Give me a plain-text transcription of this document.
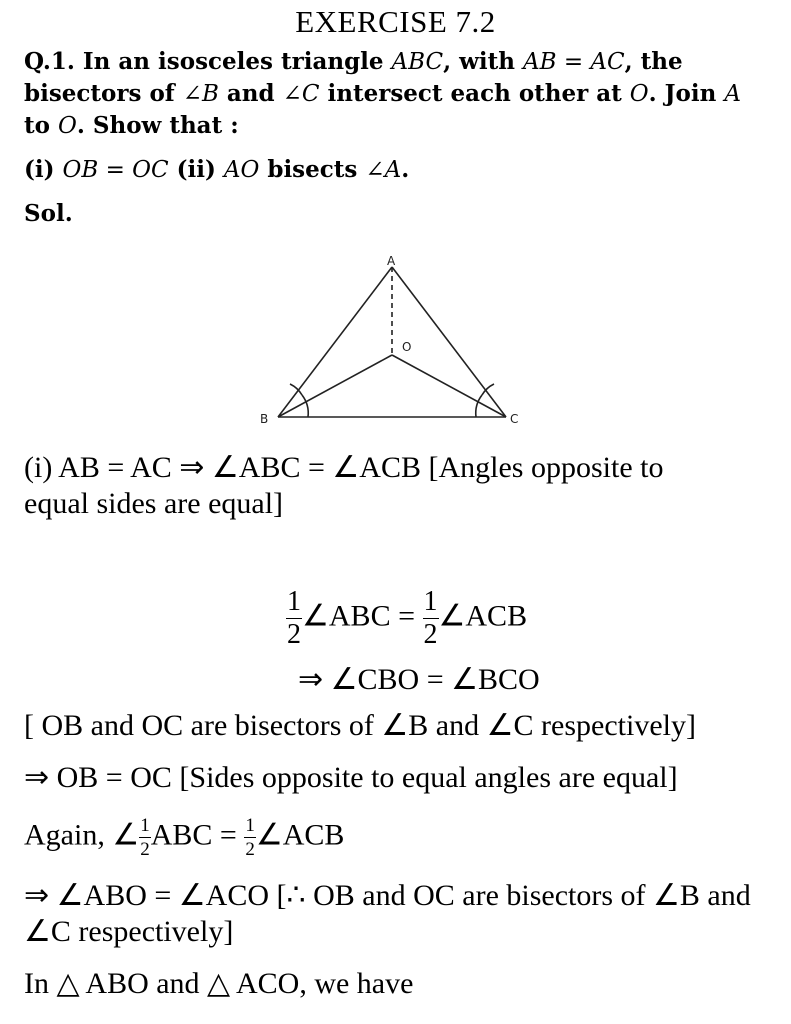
EXERCISE 7.2
Q.1. In an isosceles triangle ABC, with AB = AC, the
bisectors of ∠B and ∠C intersect each other at O. Join A
to O. Show that :
(i) OB = OC (ii) AO bisects ∠A.
Sol.
A
O
B	C
(i) AB = AC ⇒ ∠ABC = ∠ACB [Angles opposite to
equal sides are equal]
$\frac{1}{2}$ ∠ABC = $\frac{1}{2}$ ∠ACB
⇒ ∠CBO = ∠BCO
[ OB and OC are bisectors of ∠B and ∠C respectively]
⇒ OB = OC [Sides opposite to equal angles are equal]
Again, ∠ $\frac{1}{2}$ ABC = $\frac{1}{2}$ ∠ACB
⇒ ∠ABO = ∠ACO [∴ OB and OC are bisectors of ∠B and
∠C respectively]
In △ ABO and △ ACO, we have
